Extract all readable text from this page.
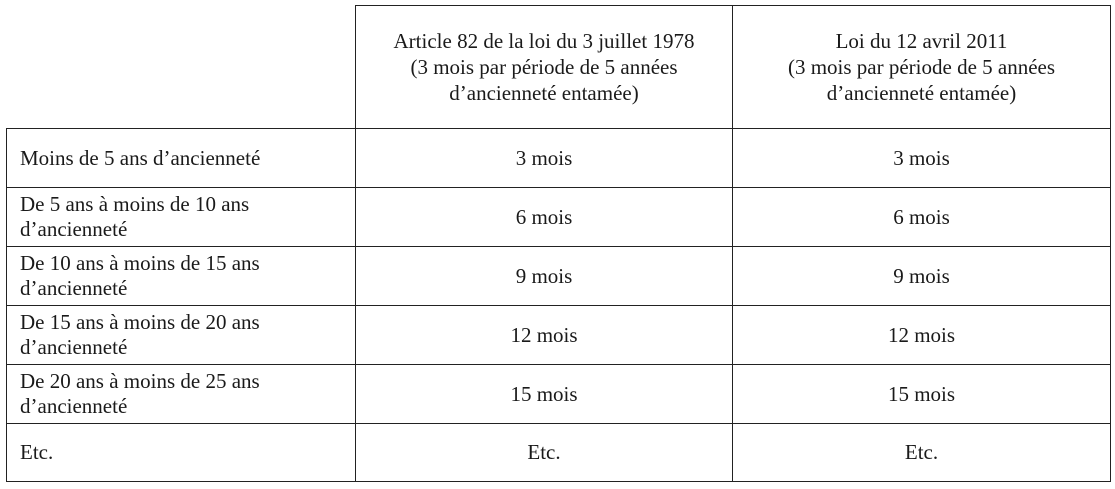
	Article 82 de la loi du 3 juillet 1978
(3 mois par période de 5 années
d’ancienneté entamée)	Loi du 12 avril 2011
(3 mois par période de 5 années
d’ancienneté entamée)

Moins de 5 ans d’ancienneté	3 mois	3 mois

De 5 ans à moins de 10 ans
d’ancienneté	6 mois	6 mois

De 10 ans à moins de 15 ans
d’ancienneté	9 mois	9 mois

De 15 ans à moins de 20 ans
d’ancienneté	12 mois	12 mois

De 20 ans à moins de 25 ans
d’ancienneté	15 mois	15 mois

Etc.	Etc.	Etc.
